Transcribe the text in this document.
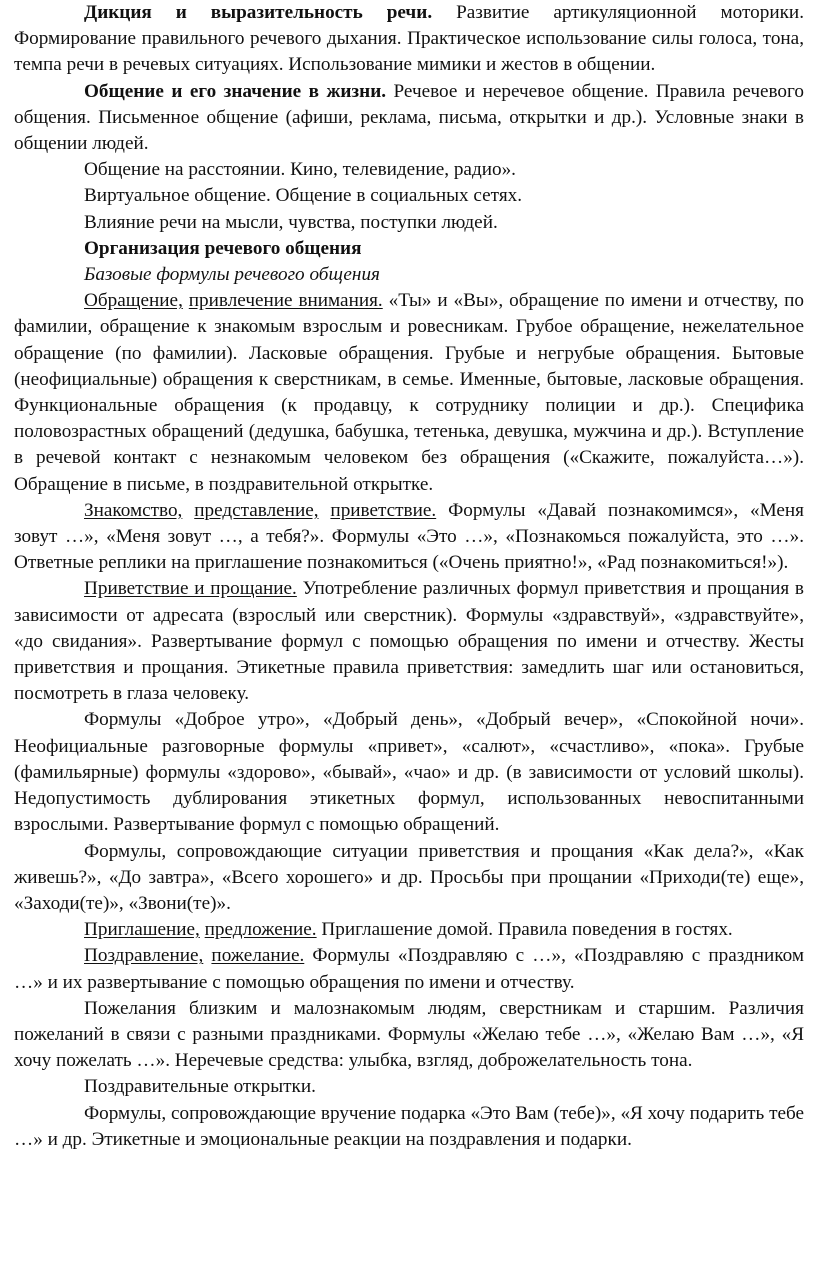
Дикция и выразительность речи. Развитие артикуляционной моторики. Формирование правильного речевого дыхания. Практическое использование силы голоса, тона, темпа речи в речевых ситуациях. Использование мимики и жестов в общении.

Общение и его значение в жизни. Речевое и неречевое общение. Правила речевого общения. Письменное общение (афиши, реклама, письма, открытки и др.). Условные знаки в общении людей.

Общение на расстоянии. Кино, телевидение, радио».

Виртуальное общение. Общение в социальных сетях.

Влияние речи на мысли, чувства, поступки людей.

Организация речевого общения

Базовые формулы речевого общения

Обращение, привлечение внимания. «Ты» и «Вы», обращение по имени и отчеству, по фамилии, обращение к знакомым взрослым и ровесникам. Грубое обращение, нежелательное обращение (по фамилии). Ласковые обращения. Грубые и негрубые обращения. Бытовые (неофициальные) обращения к сверстникам, в семье. Именные, бытовые, ласковые обращения. Функциональные обращения (к продавцу, к сотруднику полиции и др.). Специфика половозрастных обращений (дедушка, бабушка, тетенька, девушка, мужчина и др.). Вступление в речевой контакт с незнакомым человеком без обращения («Скажите, пожалуйста…»). Обращение в письме, в поздравительной открытке.

Знакомство, представление, приветствие. Формулы «Давай познакомимся», «Меня зовут …», «Меня зовут …, а тебя?». Формулы «Это …», «Познакомься пожалуйста, это …». Ответные реплики на приглашение познакомиться («Очень приятно!», «Рад познакомиться!»).

Приветствие и прощание. Употребление различных формул приветствия и прощания в зависимости от адресата (взрослый или сверстник). Формулы «здравствуй», «здравствуйте», «до свидания». Развертывание формул с помощью обращения по имени и отчеству. Жесты приветствия и прощания. Этикетные правила приветствия: замедлить шаг или остановиться, посмотреть в глаза человеку.

Формулы «Доброе утро», «Добрый день», «Добрый вечер», «Спокойной ночи». Неофициальные разговорные формулы «привет», «салют», «счастливо», «пока». Грубые (фамильярные) формулы «здорово», «бывай», «чао» и др. (в зависимости от условий школы). Недопустимость дублирования этикетных формул, использованных невоспитанными взрослыми. Развертывание формул с помощью обращений.

Формулы, сопровождающие ситуации приветствия и прощания «Как дела?», «Как живешь?», «До завтра», «Всего хорошего» и др. Просьбы при прощании «Приходи(те) еще», «Заходи(те)», «Звони(те)».

Приглашение, предложение. Приглашение домой. Правила поведения в гостях.

Поздравление, пожелание. Формулы «Поздравляю с …», «Поздравляю с праздником …» и их развертывание с помощью обращения по имени и отчеству.

Пожелания близким и малознакомым людям, сверстникам и старшим. Различия пожеланий в связи с разными праздниками. Формулы «Желаю тебе …», «Желаю Вам …», «Я хочу пожелать …». Неречевые средства: улыбка, взгляд, доброжелательность тона.

Поздравительные открытки.

Формулы, сопровождающие вручение подарка «Это Вам (тебе)», «Я хочу подарить тебе …» и др. Этикетные и эмоциональные реакции на поздравления и подарки.
